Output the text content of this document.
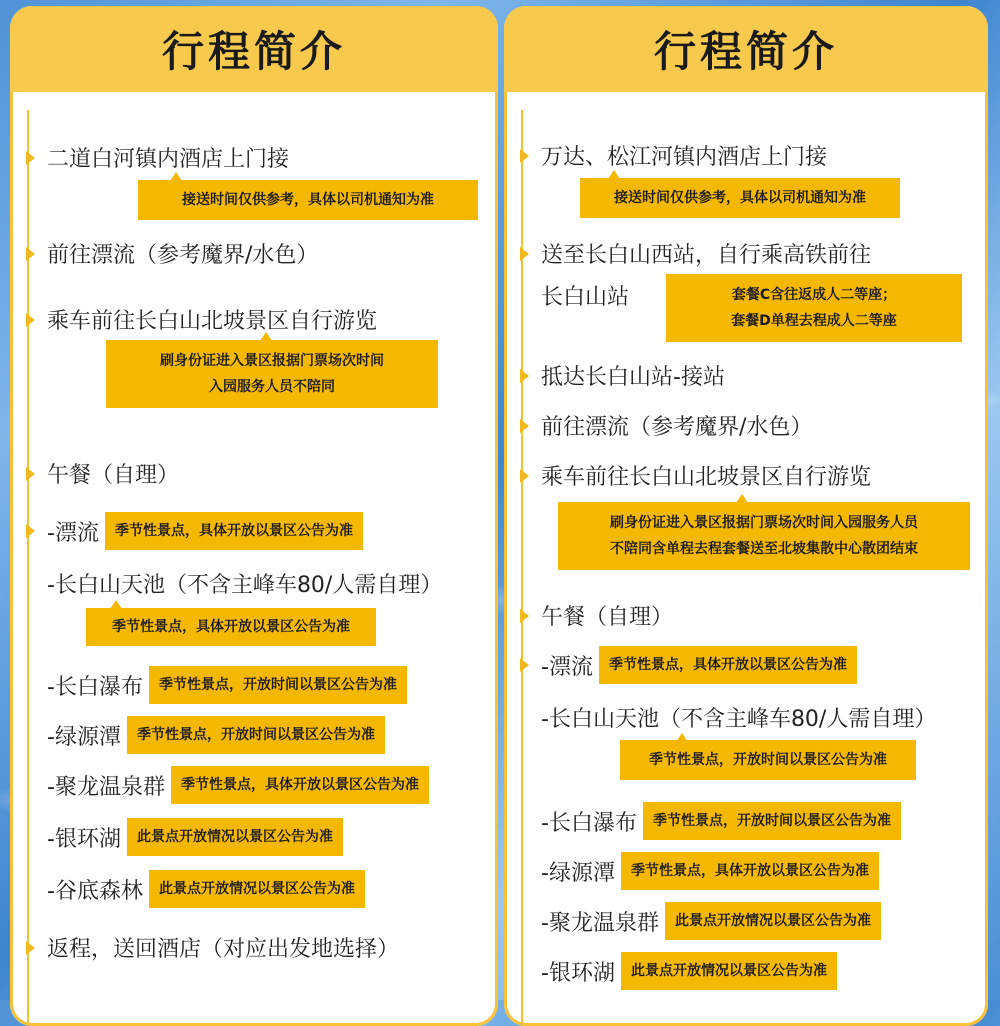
行程简介
二道白河镇内酒店上门接
接送时间仅供参考，具体以司机通知为准
前往漂流（参考魔界/水色）
乘车前往长白山北坡景区自行游览
刷身份证进入景区报据门票场次时间
入园服务人员不陪同
午餐（自理）
-漂流	季节性景点，具体开放以景区公告为准
-长白山天池（不含主峰车80/人需自理）
季节性景点，具体开放以景区公告为准
-长白瀑布	季节性景点，开放时间以景区公告为准
-绿源潭	季节性景点，开放时间以景区公告为准
-聚龙温泉群	季节性景点，具体开放以景区公告为准
-银环湖	此景点开放情况以景区公告为准
-谷底森林	此景点开放情况以景区公告为准
返程，送回酒店（对应出发地选择）
行程简介
万达、松江河镇内酒店上门接
接送时间仅供参考，具体以司机通知为准
送至长白山西站，自行乘高铁前往
长白山站	套餐C含往返成人二等座；
套餐D单程去程成人二等座
抵达长白山站-接站
前往漂流（参考魔界/水色）
乘车前往长白山北坡景区自行游览
刷身份证进入景区报据门票场次时间入园服务人员
不陪同含单程去程套餐送至北坡集散中心散团结束
午餐（自理）
-漂流	季节性景点，具体开放以景区公告为准
-长白山天池（不含主峰车80/人需自理）
季节性景点，开放时间以景区公告为准
-长白瀑布	季节性景点，开放时间以景区公告为准
-绿源潭	季节性景点，具体开放以景区公告为准
-聚龙温泉群	此景点开放情况以景区公告为准
-银环湖	此景点开放情况以景区公告为准
